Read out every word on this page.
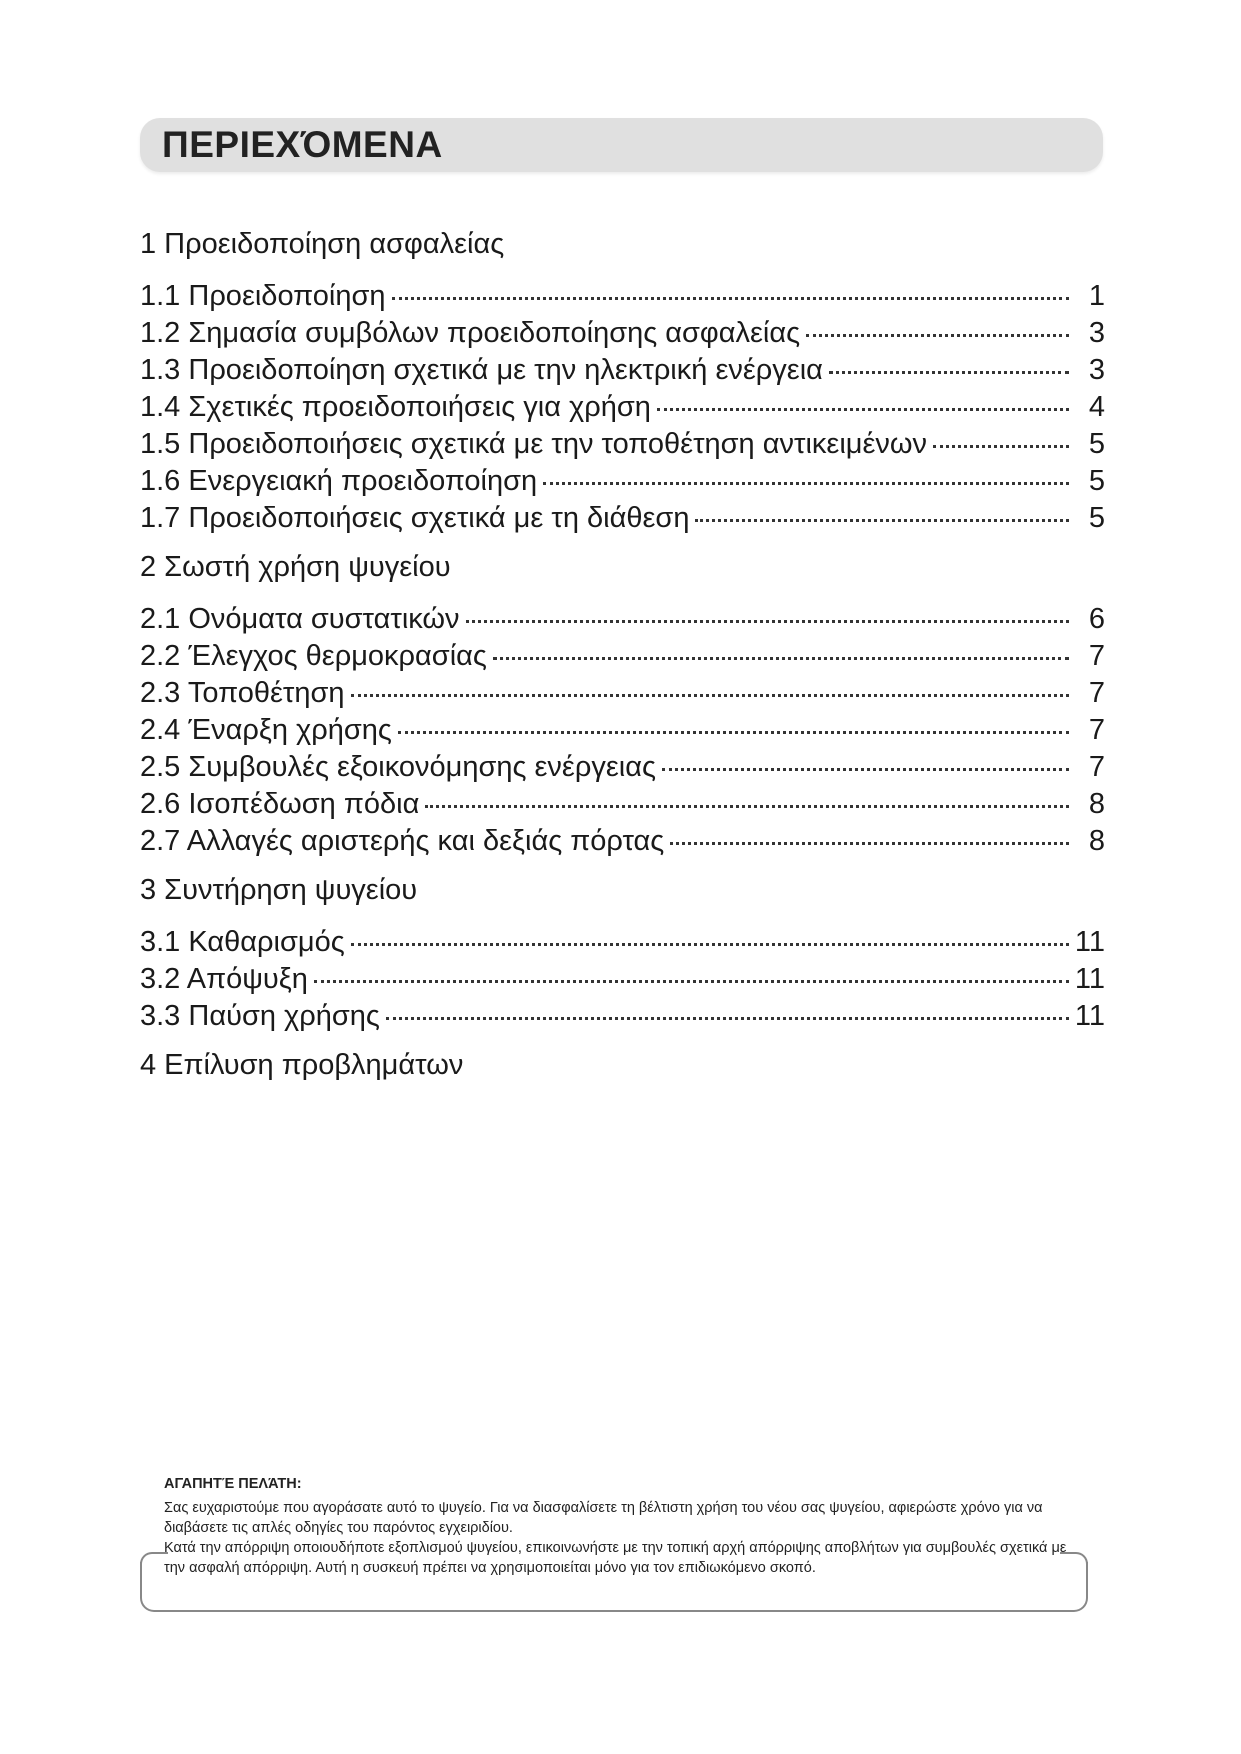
ΠΕΡΙΕΧΌΜΕΝΑ
1 Προειδοποίηση ασφαλείας
1.1 Προειδοποίηση	1
1.2 Σημασία συμβόλων προειδοποίησης ασφαλείας	3
1.3 Προειδοποίηση σχετικά με την ηλεκτρική ενέργεια	3
1.4 Σχετικές προειδοποιήσεις για χρήση	4
1.5 Προειδοποιήσεις σχετικά με την τοποθέτηση αντικειμένων	5
1.6 Ενεργειακή προειδοποίηση	5
1.7 Προειδοποιήσεις σχετικά με τη διάθεση	5
2 Σωστή χρήση ψυγείου
2.1 Ονόματα συστατικών	6
2.2 Έλεγχος θερμοκρασίας	7
2.3 Τοποθέτηση	7
2.4 Έναρξη χρήσης	7
2.5 Συμβουλές εξοικονόμησης ενέργειας	7
2.6 Ισοπέδωση πόδια	8
2.7 Αλλαγές αριστερής και δεξιάς πόρτας	8
3 Συντήρηση ψυγείου
3.1 Καθαρισμός	11
3.2 Απόψυξη	11
3.3 Παύση χρήσης	11
4 Επίλυση προβλημάτων
ΑΓΑΠΗΤΈ ΠΕΛΆΤΗ:

Σας ευχαριστούμε που αγοράσατε αυτό το ψυγείο. Για να διασφαλίσετε τη βέλτιστη χρήση του νέου σας ψυγείου, αφιερώστε χρόνο για να διαβάσετε τις απλές οδηγίες του παρόντος εγχειριδίου.

Κατά την απόρριψη οποιουδήποτε εξοπλισμού ψυγείου, επικοινωνήστε με την τοπική αρχή απόρριψης αποβλήτων για συμβουλές σχετικά με την ασφαλή απόρριψη. Αυτή η συσκευή πρέπει να χρησιμοποιείται μόνο για τον επιδιωκόμενο σκοπό.
